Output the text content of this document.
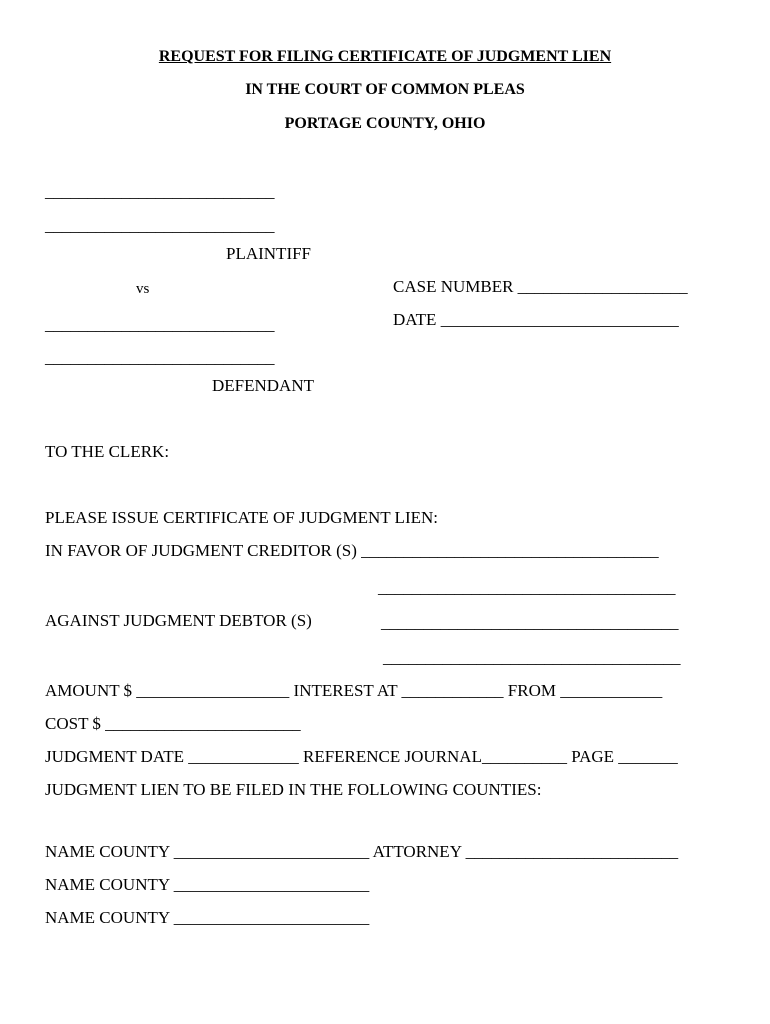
REQUEST FOR FILING CERTIFICATE OF JUDGMENT LIEN
IN THE COURT OF COMMON PLEAS
PORTAGE COUNTY, OHIO
___________________________
___________________________
PLAINTIFF
vs	CASE NUMBER ____________________
___________________________	DATE ____________________________
___________________________
DEFENDANT
TO THE CLERK:
PLEASE ISSUE CERTIFICATE OF JUDGMENT LIEN:
IN FAVOR OF JUDGMENT CREDITOR (S) ___________________________________
___________________________________
AGAINST JUDGMENT DEBTOR (S)	___________________________________
___________________________________
AMOUNT $ __________________ INTEREST AT ____________ FROM ____________
COST $ _______________________
JUDGMENT DATE _____________ REFERENCE JOURNAL__________ PAGE _______
JUDGMENT LIEN TO BE FILED IN THE FOLLOWING COUNTIES:
NAME COUNTY _______________________ ATTORNEY _________________________
NAME COUNTY _______________________
NAME COUNTY _______________________
